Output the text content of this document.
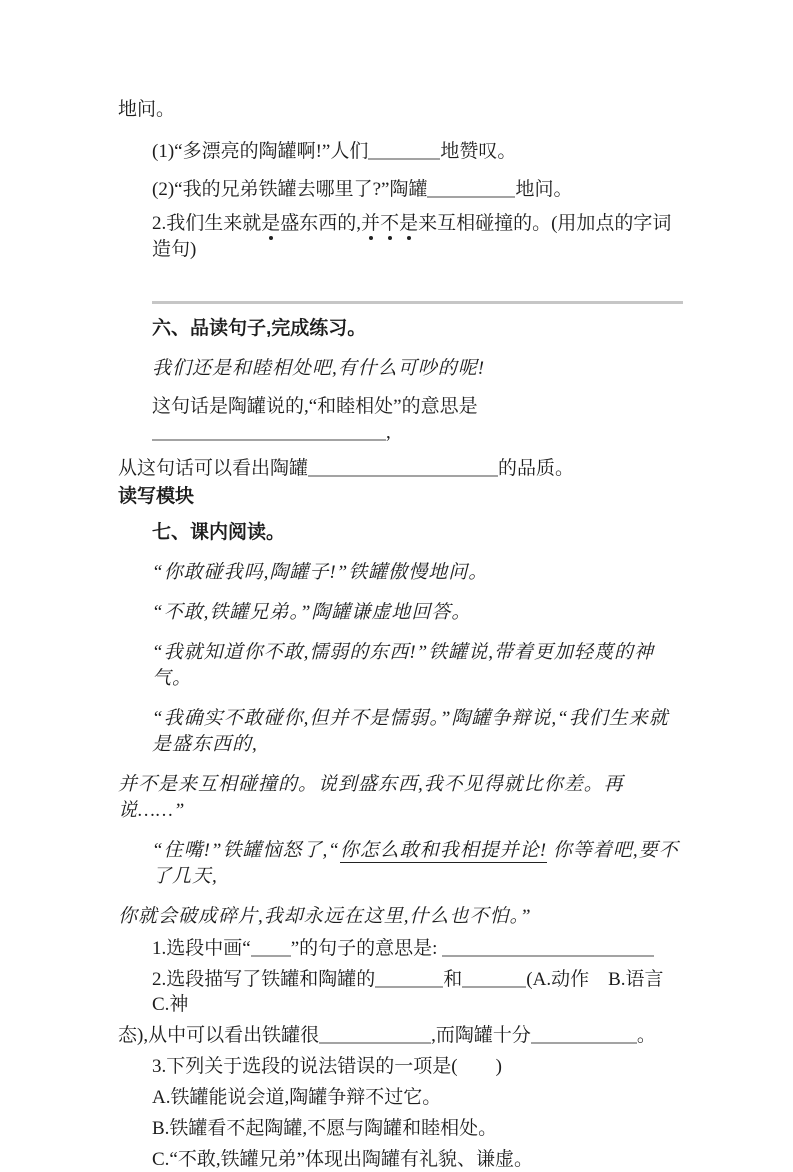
地问。

(1)“多漂亮的陶罐啊!”人们	地赞叹。

(2)“我的兄弟铁罐去哪里了?”陶罐	地问。

2.我们生来就是盛东西的,并不是来互相碰撞的。(用加点的字词造句)

六、品读句子,完成练习。

我们还是和睦相处吧,有什么可吵的呢!

这句话是陶罐说的,“和睦相处”的意思是,

从这句话可以看出陶罐	的品质。

读写模块

七、课内阅读。

“你敢碰我吗,陶罐子!”铁罐傲慢地问。

“不敢,铁罐兄弟。”陶罐谦虚地回答。

“我就知道你不敢,懦弱的东西!”铁罐说,带着更加轻蔑的神气。

“我确实不敢碰你,但并不是懦弱。”陶罐争辩说,“我们生来就是盛东西的,

并不是来互相碰撞的。说到盛东西,我不见得就比你差。再说……”

“住嘴!”铁罐恼怒了,“你怎么敢和我相提并论! 你等着吧,要不了几天,

你就会破成碎片,我却永远在这里,什么也不怕。”

1.选段中画“ ”的句子的意思是:

2.选段描写了铁罐和陶罐的	和	(A.动作　B.语言　C.神

态),从中可以看出铁罐很	,而陶罐十分	。

3.下列关于选段的说法错误的一项是(　　)

A.铁罐能说会道,陶罐争辩不过它。

B.铁罐看不起陶罐,不愿与陶罐和睦相处。

C.“不敢,铁罐兄弟”体现出陶罐有礼貌、谦虚。
